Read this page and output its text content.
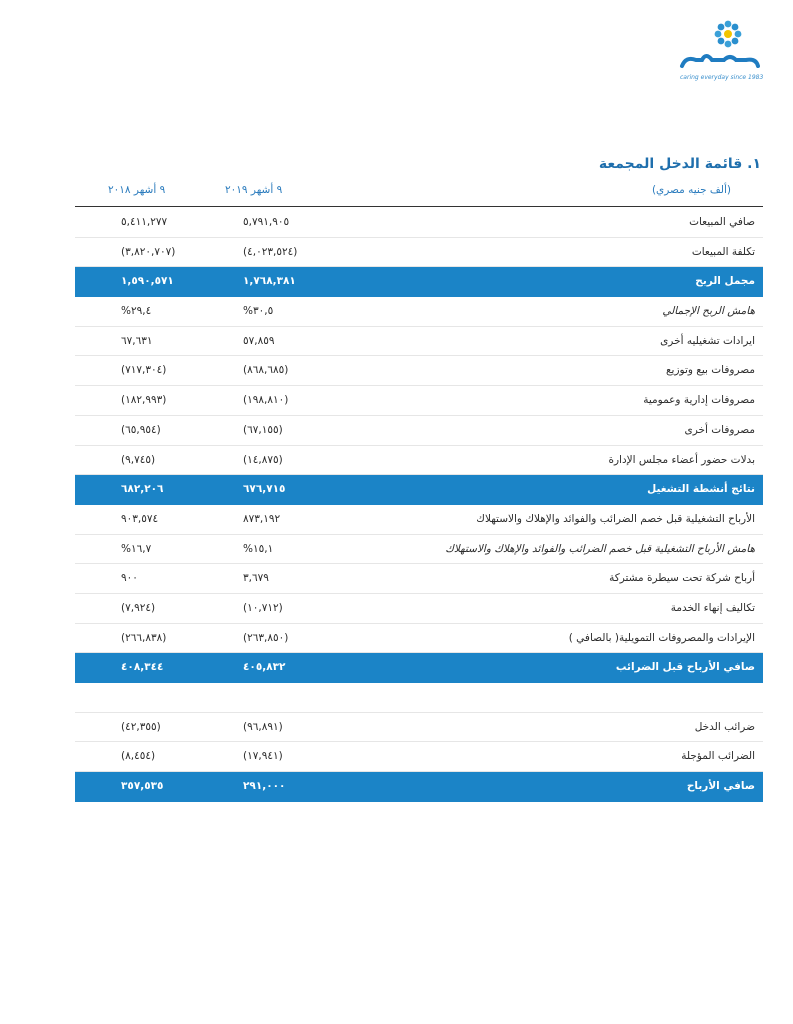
caring everyday since 1983
١. قائمة الدخل المجمعة
(ألف جنيه مصري)
٩ أشهر ٢٠١٩
٩ أشهر ٢٠١٨
صافي المبيعات
٥,٧٩١,٩٠٥
٥,٤١١,٢٧٧
تكلفة المبيعات
(٤,٠٢٣,٥٢٤)
(٣,٨٢٠,٧٠٧)
مجمل الربح
١,٧٦٨,٣٨١
١,٥٩٠,٥٧١
هامش الربح الإجمالي
%٣٠,٥
%٢٩,٤
ايرادات تشغيليه أخرى
٥٧,٨٥٩
٦٧,٦٣١
مصروفات بيع وتوزيع
(٨٦٨,٦٨٥)
(٧١٧,٣٠٤)
مصروفات إدارية وعمومية
(١٩٨,٨١٠)
(١٨٢,٩٩٣)
مصروفات أخرى
(٦٧,١٥٥)
(٦٥,٩٥٤)
بدلات حضور أعضاء مجلس الإدارة
(١٤,٨٧٥)
(٩,٧٤٥)
نتائج أنشطة التشغيل
٦٧٦,٧١٥
٦٨٢,٢٠٦
الأرباح التشغيلية قبل خصم الضرائب والفوائد والإهلاك والاستهلاك
٨٧٣,١٩٢
٩٠٣,٥٧٤
هامش الأرباح التشغيلية قبل خصم الضرائب والفوائد والإهلاك والاستهلاك
%١٥,١
%١٦,٧
أرباح شركة تحت سيطرة مشتركة
٣,٦٧٩
٩٠٠
تكاليف إنهاء الخدمة
(١٠,٧١٢)
(٧,٩٢٤)
الإيرادات والمصروفات التمويلية( بالصافي )
(٢٦٣,٨٥٠)
(٢٦٦,٨٣٨)
صافي الأرباح قبل الضرائب
٤٠٥,٨٣٢
٤٠٨,٣٤٤
ضرائب الدخل
(٩٦,٨٩١)
(٤٢,٣٥٥)
الضرائب المؤجلة
(١٧,٩٤١)
(٨,٤٥٤)
صافي الأرباح
٢٩١,٠٠٠
٣٥٧,٥٣٥
